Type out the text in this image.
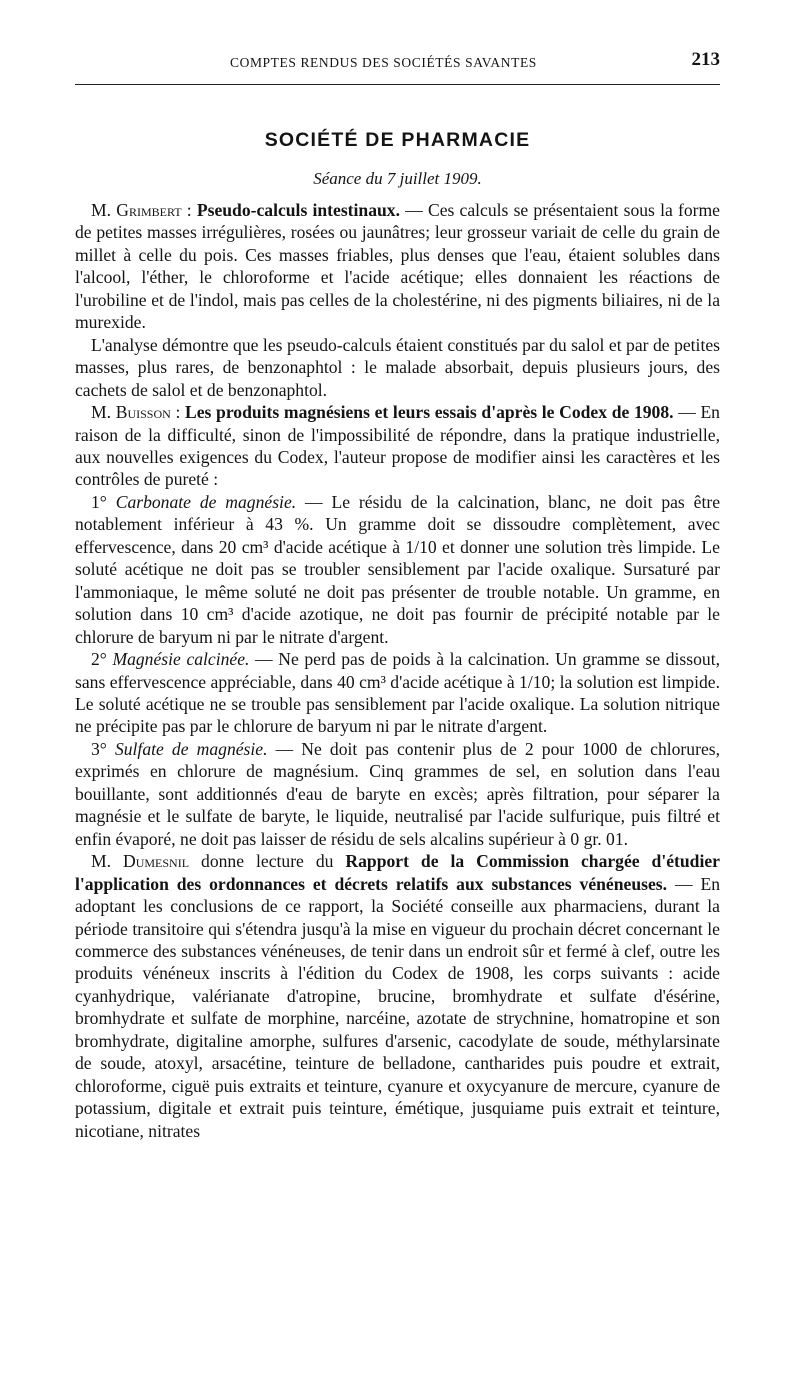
COMPTES RENDUS DES SOCIÉTÉS SAVANTES	213
SOCIÉTÉ DE PHARMACIE
Séance du 7 juillet 1909.

M. Grimbert : Pseudo-calculs intestinaux. — Ces calculs se présentaient sous la forme de petites masses irrégulières, rosées ou jaunâtres; leur grosseur variait de celle du grain de millet à celle du pois. Ces masses friables, plus denses que l'eau, étaient solubles dans l'alcool, l'éther, le chloroforme et l'acide acétique; elles donnaient les réactions de l'urobiline et de l'indol, mais pas celles de la cholestérine, ni des pigments biliaires, ni de la murexide.

L'analyse démontre que les pseudo-calculs étaient constitués par du salol et par de petites masses, plus rares, de benzonaphtol : le malade absorbait, depuis plusieurs jours, des cachets de salol et de benzonaphtol.

M. Buisson : Les produits magnésiens et leurs essais d'après le Codex de 1908. — En raison de la difficulté, sinon de l'impossibilité de répondre, dans la pratique industrielle, aux nouvelles exigences du Codex, l'auteur propose de modifier ainsi les caractères et les contrôles de pureté :

1° Carbonate de magnésie. — Le résidu de la calcination, blanc, ne doit pas être notablement inférieur à 43 %. Un gramme doit se dissoudre complètement, avec effervescence, dans 20 cm³ d'acide acétique à 1/10 et donner une solution très limpide. Le soluté acétique ne doit pas se troubler sensiblement par l'acide oxalique. Sursaturé par l'ammoniaque, le même soluté ne doit pas présenter de trouble notable. Un gramme, en solution dans 10 cm³ d'acide azotique, ne doit pas fournir de précipité notable par le chlorure de baryum ni par le nitrate d'argent.

2° Magnésie calcinée. — Ne perd pas de poids à la calcination. Un gramme se dissout, sans effervescence appréciable, dans 40 cm³ d'acide acétique à 1/10; la solution est limpide. Le soluté acétique ne se trouble pas sensiblement par l'acide oxalique. La solution nitrique ne précipite pas par le chlorure de baryum ni par le nitrate d'argent.

3° Sulfate de magnésie. — Ne doit pas contenir plus de 2 pour 1000 de chlorures, exprimés en chlorure de magnésium. Cinq grammes de sel, en solution dans l'eau bouillante, sont additionnés d'eau de baryte en excès; après filtration, pour séparer la magnésie et le sulfate de baryte, le liquide, neutralisé par l'acide sulfurique, puis filtré et enfin évaporé, ne doit pas laisser de résidu de sels alcalins supérieur à 0 gr. 01.

M. Dumesnil donne lecture du Rapport de la Commission chargée d'étudier l'application des ordonnances et décrets relatifs aux substances vénéneuses. — En adoptant les conclusions de ce rapport, la Société conseille aux pharmaciens, durant la période transitoire qui s'étendra jusqu'à la mise en vigueur du prochain décret concernant le commerce des substances vénéneuses, de tenir dans un endroit sûr et fermé à clef, outre les produits vénéneux inscrits à l'édition du Codex de 1908, les corps suivants : acide cyanhydrique, valérianate d'atropine, brucine, bromhydrate et sulfate d'ésérine, bromhydrate et sulfate de morphine, narcéine, azotate de strychnine, homatropine et son bromhydrate, digitaline amorphe, sulfures d'arsenic, cacodylate de soude, méthylarsinate de soude, atoxyl, arsacétine, teinture de belladone, cantharides puis poudre et extrait, chloroforme, ciguë puis extraits et teinture, cyanure et oxycyanure de mercure, cyanure de potassium, digitale et extrait puis teinture, émétique, jusquiame puis extrait et teinture, nicotiane, nitrates
